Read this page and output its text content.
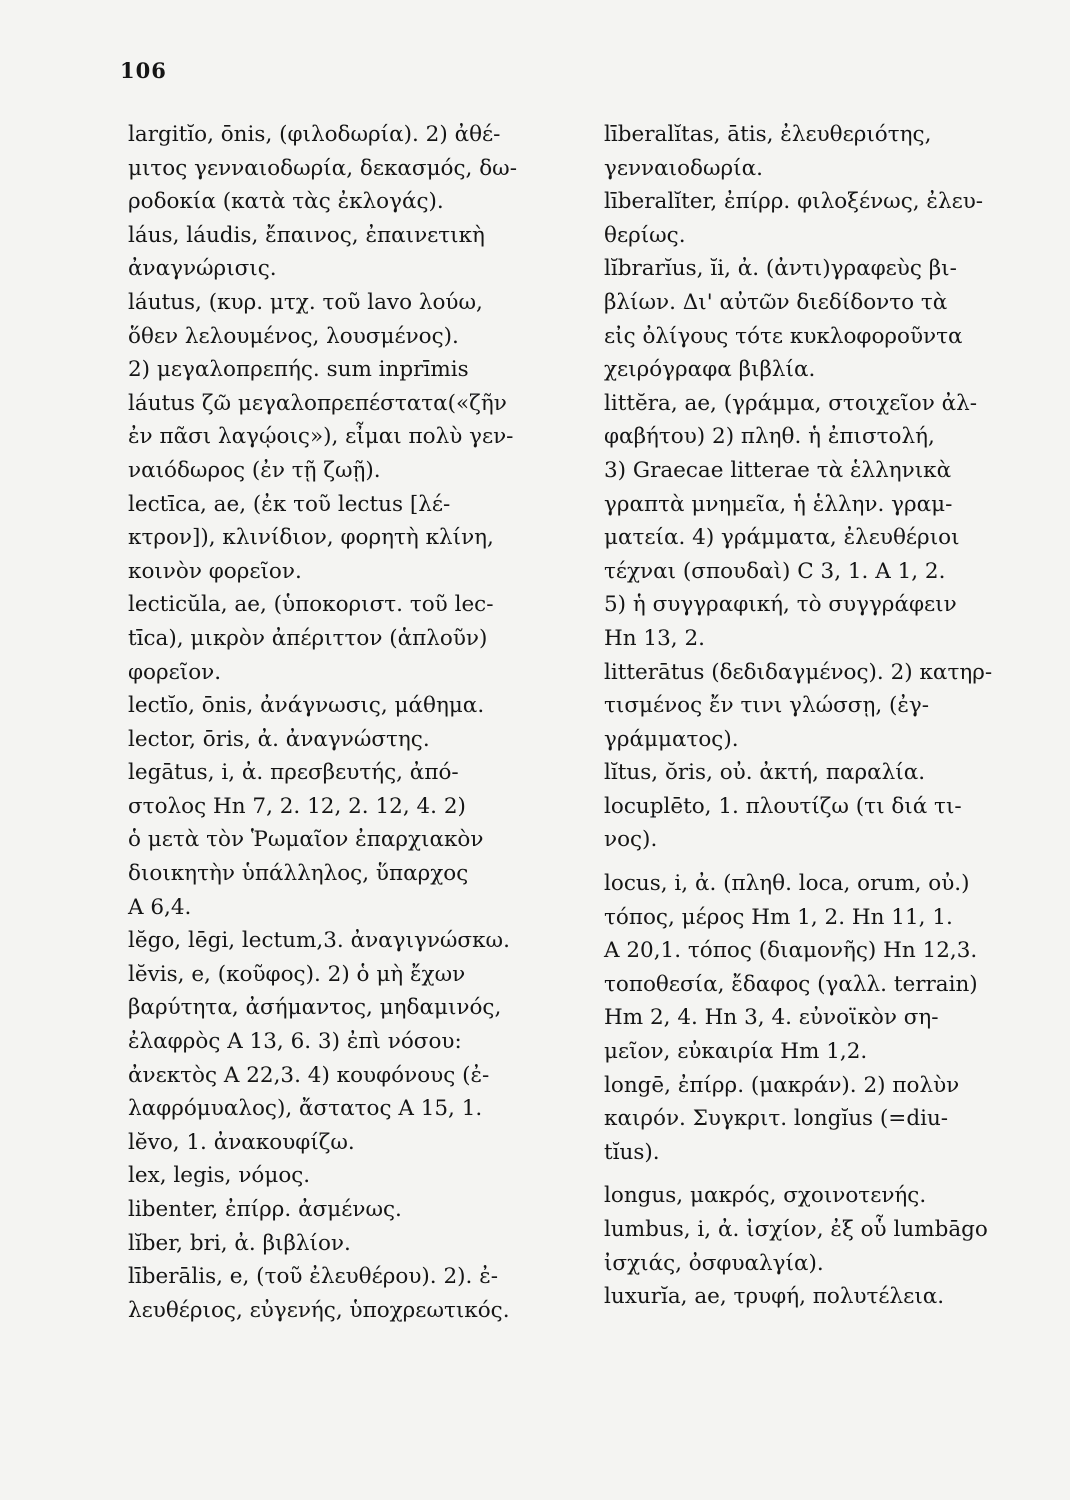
106
largitĭo, ōnis, (φιλοδωρία). 2) ἀθέ-
μιτος γενναιοδωρία, δεκασμός, δω-
ροδοκία (κατὰ τὰς ἐκλογάς).
láus, láudis, ἔπαινος, ἐπαινετικὴ
ἀναγνώρισις.
láutus, (κυρ. μτχ. τοῦ lavo λούω,
ὅθεν λελουμένος, λουσμένος).
2) μεγαλοπρεπής. sum inprīmis
láutus ζῶ μεγαλοπρεπέστατα(«ζῆν
ἐν πᾶσι λαγῴοις»), εἶμαι πολὺ γεν-
ναιόδωρος (ἐν τῇ ζωῇ).
lectīca, ae, (ἐκ τοῦ lectus [λέ-
κτρον]), κλινίδιον, φορητὴ κλίνη,
κοινὸν φορεῖον.
lecticŭla, ae, (ὑποκοριστ. τοῦ lec-
tīca), μικρὸν ἀπέριττον (ἁπλοῦν)
φορεῖον.
lectĭo, ōnis, ἀνάγνωσις, μάθημα.
lector, ōris, ἀ. ἀναγνώστης.
legātus, i, ἀ. πρεσβευτής, ἀπό-
στολος Hn 7, 2. 12, 2. 12, 4. 2)
ὁ μετὰ τὸν Ῥωμαῖον ἐπαρχιακὸν
διοικητὴν ὑπάλληλος, ὕπαρχος
A 6,4.
lĕgo, lēgi, lectum,3. ἀναγιγνώσκω.
lĕvis, e, (κοῦφος). 2) ὁ μὴ ἔχων
βαρύτητα, ἀσήμαντος, μηδαμινός,
ἐλαφρὸς A 13, 6. 3) ἐπὶ νόσου:
ἀνεκτὸς A 22,3. 4) κουφόνους (ἐ-
λαφρόμυαλος), ἄστατος A 15, 1.
lĕvo, 1. ἀνακουφίζω.
lex, legis, νόμος.
libenter, ἐπίρρ. ἀσμένως.
lĭber, bri, ἀ. βιβλίον.
līberālis, e, (τοῦ ἐλευθέρου). 2). ἐ-
λευθέριος, εὐγενής, ὑποχρεωτικός.
līberalĭtas, ātis, ἐλευθεριότης,
γενναιοδωρία.
līberalĭter, ἐπίρρ. φιλοξένως, ἐλευ-
θερίως.
lĭbrarĭus, ĭi, ἀ. (ἀντι)γραφεὺς βι-
βλίων. Δι' αὐτῶν διεδίδοντο τὰ
εἰς ὀλίγους τότε κυκλοφοροῦντα
χειρόγραφα βιβλία.
littĕra, ae, (γράμμα, στοιχεῖον ἀλ-
φαβήτου) 2) πληθ. ἡ ἐπιστολή,
3) Graecae litterae τὰ ἑλληνικὰ
γραπτὰ μνημεῖα, ἡ ἑλλην. γραμ-
ματεία. 4) γράμματα, ἐλευθέριοι
τέχναι (σπουδαὶ) C 3, 1. A 1, 2.
5) ἡ συγγραφική, τὸ συγγράφειν
Hn 13, 2.
litterātus (δεδιδαγμένος). 2) κατηρ-
τισμένος ἔν τινι γλώσσῃ, (ἐγ-
γράμματος).
lĭtus, ŏris, οὐ. ἀκτή, παραλία.
locuplēto, 1. πλουτίζω (τι διά τι-
νος).
locus, i, ἀ. (πληθ. loca, orum, οὐ.)
τόπος, μέρος Hm 1, 2. Hn 11, 1.
A 20,1. τόπος (διαμονῆς) Hn 12,3.
τοποθεσία, ἔδαφος (γαλλ. terrain)
Hm 2, 4. Hn 3, 4. εὐνοϊκὸν ση-
μεῖον, εὐκαιρία Hm 1,2.
longē, ἐπίρρ. (μακράν). 2) πολὺν
καιρόν. Συγκριτ. longĭus (=diu-
tĭus).
longus, μακρός, σχοινοτενής.
lumbus, i, ἀ. ἰσχίον, ἐξ οὗ lumbāgo
ἰσχιάς, ὀσφυαλγία).
luxurĭa, ae, τρυφή, πολυτέλεια.
